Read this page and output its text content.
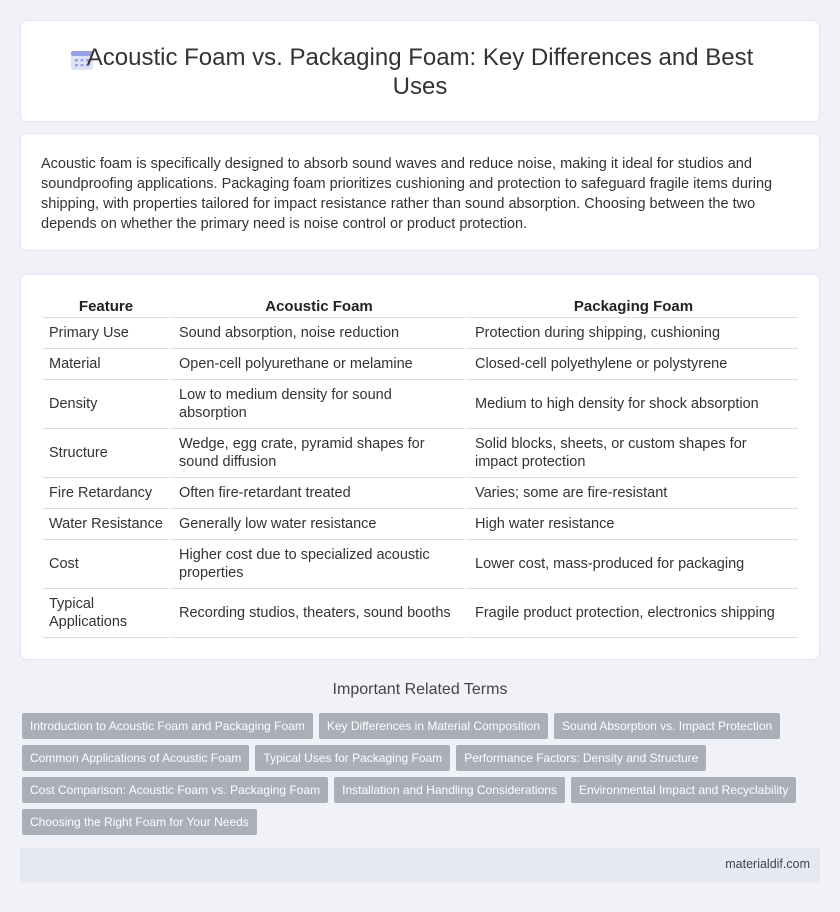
Acoustic Foam vs. Packaging Foam: Key Differences and Best Uses

Acoustic foam is specifically designed to absorb sound waves and reduce noise, making it ideal for studios and soundproofing applications. Packaging foam prioritizes cushioning and protection to safeguard fragile items during shipping, with properties tailored for impact resistance rather than sound absorption. Choosing between the two depends on whether the primary need is noise control or product protection.

Feature	Acoustic Foam	Packaging Foam
Primary Use	Sound absorption, noise reduction	Protection during shipping, cushioning
Material	Open-cell polyurethane or melamine	Closed-cell polyethylene or polystyrene
Density	Low to medium density for sound absorption	Medium to high density for shock absorption
Structure	Wedge, egg crate, pyramid shapes for sound diffusion	Solid blocks, sheets, or custom shapes for impact protection
Fire Retardancy	Often fire-retardant treated	Varies; some are fire-resistant
Water Resistance	Generally low water resistance	High water resistance
Cost	Higher cost due to specialized acoustic properties	Lower cost, mass-produced for packaging
Typical Applications	Recording studios, theaters, sound booths	Fragile product protection, electronics shipping
Important Related Terms
Introduction to Acoustic Foam and Packaging Foam	Key Differences in Material Composition	Sound Absorption vs. Impact Protection
Common Applications of Acoustic Foam	Typical Uses for Packaging Foam	Performance Factors: Density and Structure
Cost Comparison: Acoustic Foam vs. Packaging Foam	Installation and Handling Considerations	Environmental Impact and Recyclability
Choosing the Right Foam for Your Needs
materialdif.com
